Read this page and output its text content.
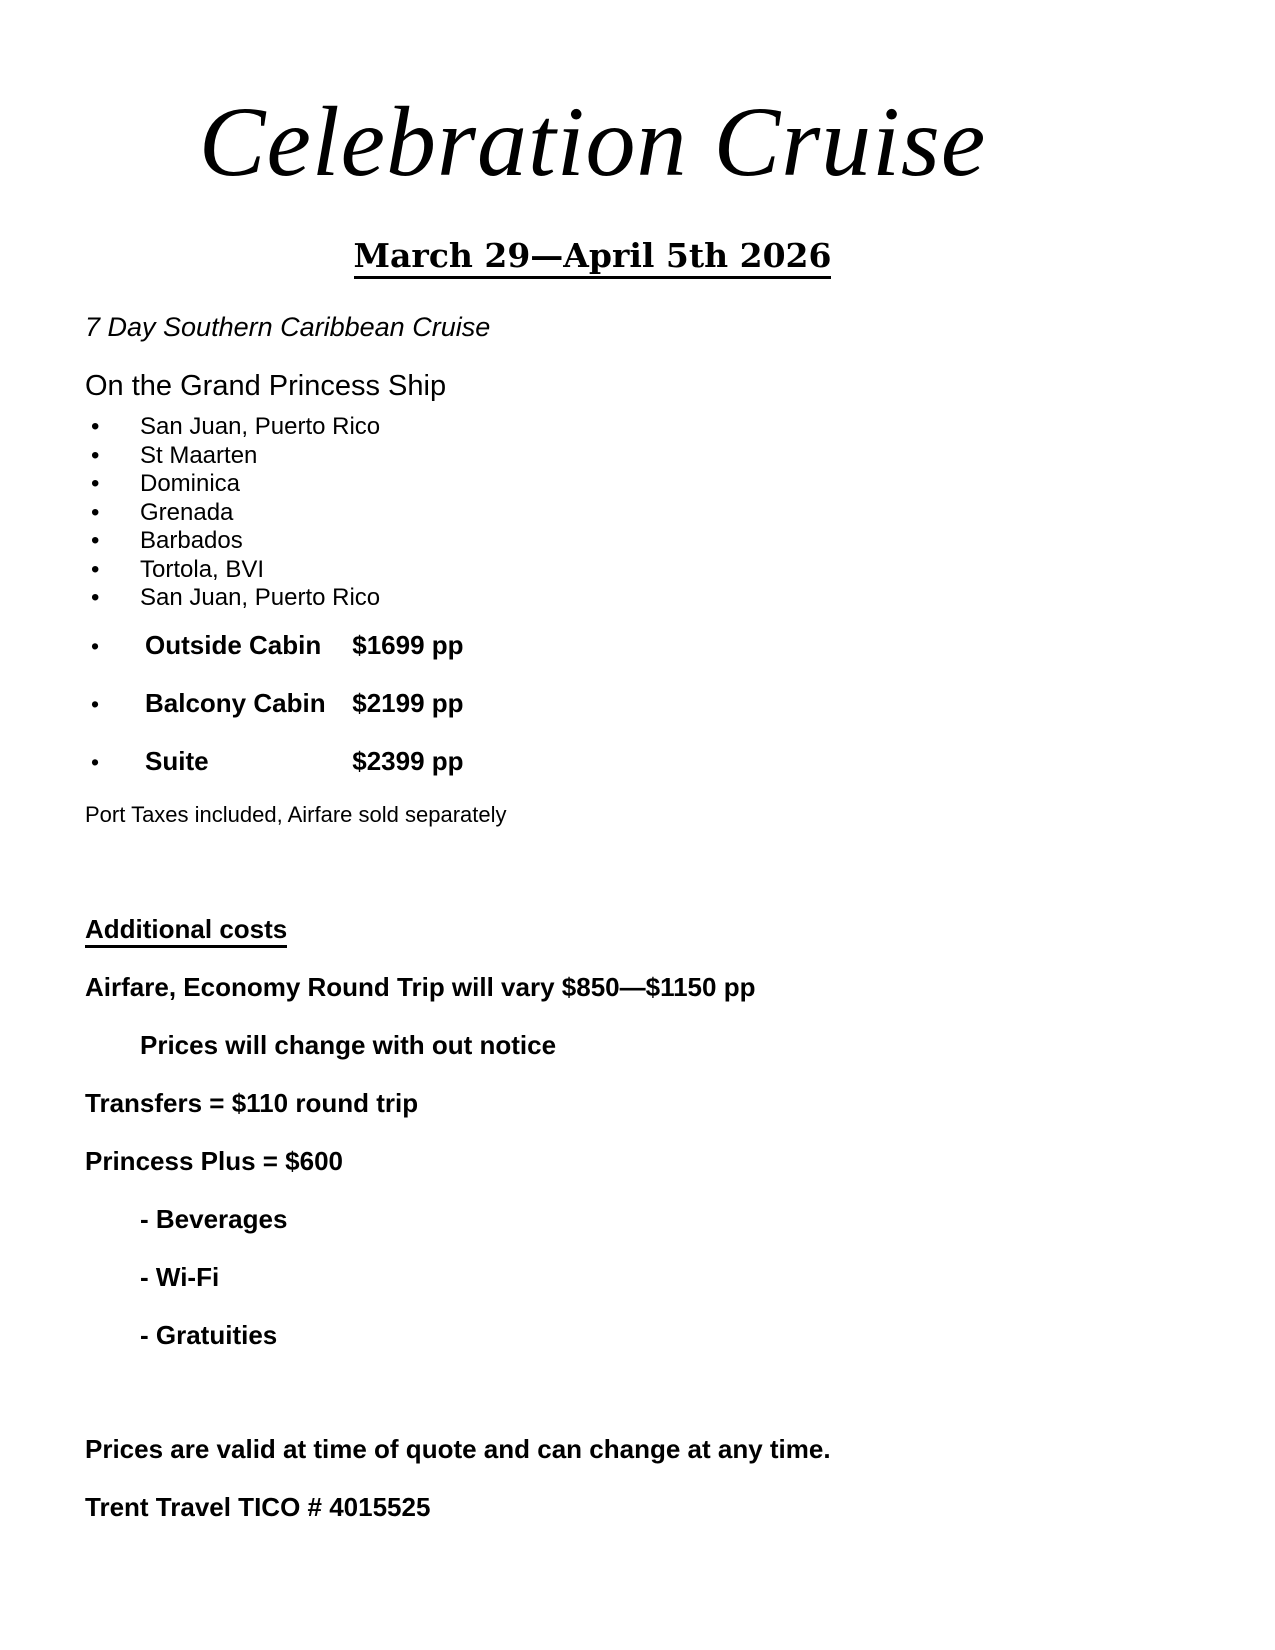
Celebration Cruise
March 29—April 5th 2026

7 Day Southern Caribbean Cruise

On the Grand Princess Ship

• San Juan, Puerto Rico
• St Maarten
• Dominica
• Grenada
• Barbados
• Tortola, BVI
• San Juan, Puerto Rico
• Outside Cabin $1699 pp
• Balcony Cabin $2199 pp
• Suite	$2399 pp

Port Taxes included, Airfare sold separately

Additional costs

Airfare, Economy Round Trip will vary $850—$1150 pp

Prices will change with out notice

Transfers = $110 round trip

Princess Plus = $600

- Beverages

- Wi-Fi

- Gratuities

Prices are valid at time of quote and can change at any time.

Trent Travel TICO # 4015525
